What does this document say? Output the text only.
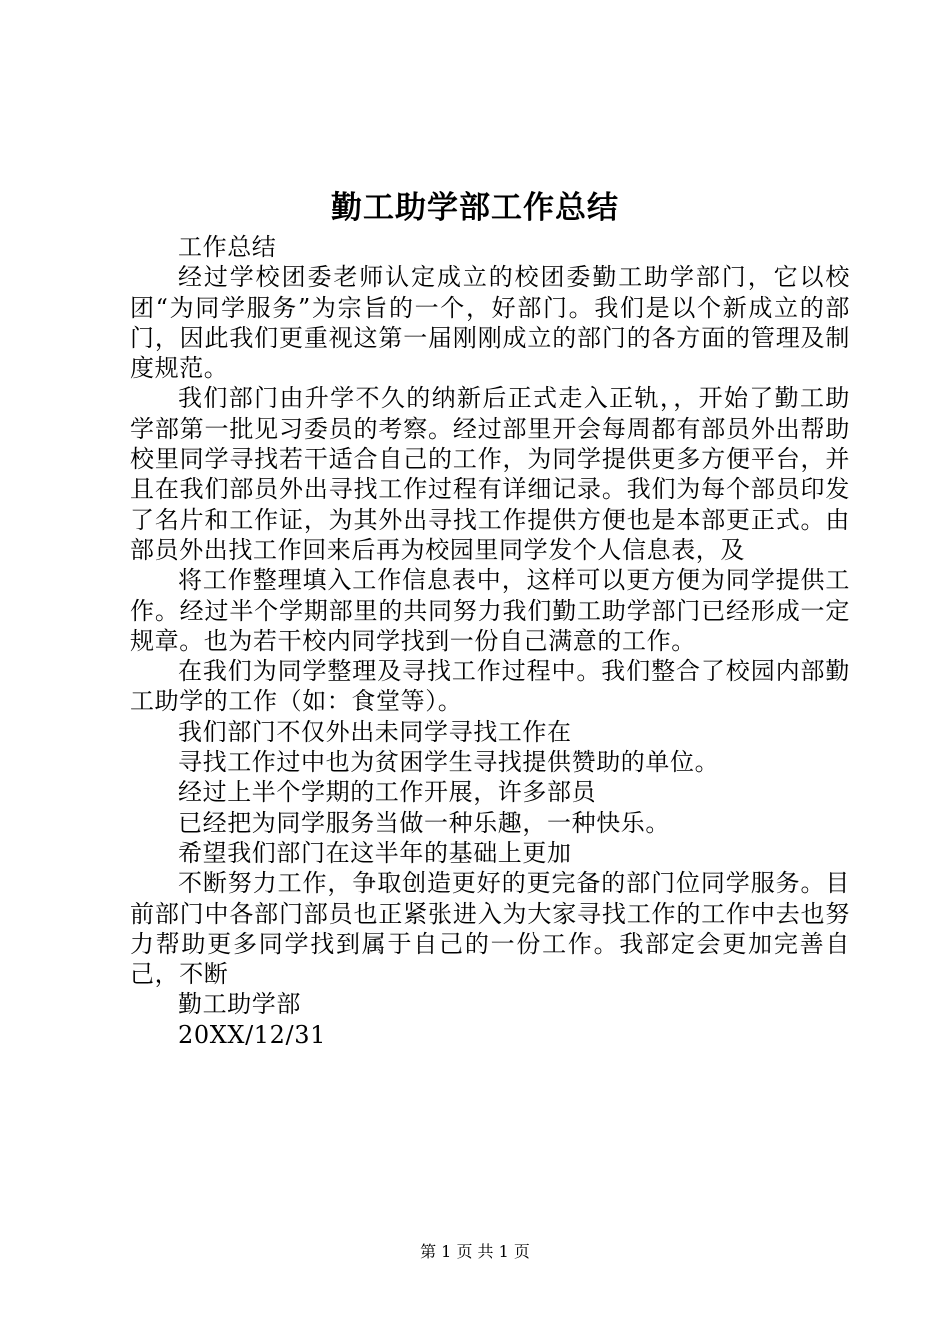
勤工助学部工作总结

工作总结

经过学校团委老师认定成立的校团委勤工助学部门，它以校团“为同学服务”为宗旨的一个，好部门。我们是以个新成立的部门，因此我们更重视这第一届刚刚成立的部门的各方面的管理及制度规范。

我们部门由升学不久的纳新后正式走入正轨，，开始了勤工助学部第一批见习委员的考察。经过部里开会每周都有部员外出帮助校里同学寻找若干适合自己的工作，为同学提供更多方便平台，并且在我们部员外出寻找工作过程有详细记录。我们为每个部员印发了名片和工作证，为其外出寻找工作提供方便也是本部更正式。由部员外出找工作回来后再为校园里同学发个人信息表，及

将工作整理填入工作信息表中，这样可以更方便为同学提供工作。经过半个学期部里的共同努力我们勤工助学部门已经形成一定规章。也为若干校内同学找到一份自己满意的工作。

在我们为同学整理及寻找工作过程中。我们整合了校园内部勤工助学的工作（如：食堂等）。

我们部门不仅外出未同学寻找工作在

寻找工作过中也为贫困学生寻找提供赞助的单位。

经过上半个学期的工作开展，许多部员

已经把为同学服务当做一种乐趣，一种快乐。

希望我们部门在这半年的基础上更加

不断努力工作，争取创造更好的更完备的部门位同学服务。目前部门中各部门部员也正紧张进入为大家寻找工作的工作中去也努力帮助更多同学找到属于自己的一份工作。我部定会更加完善自己，不断

勤工助学部

20XX/12/31

第 1 页 共 1 页
